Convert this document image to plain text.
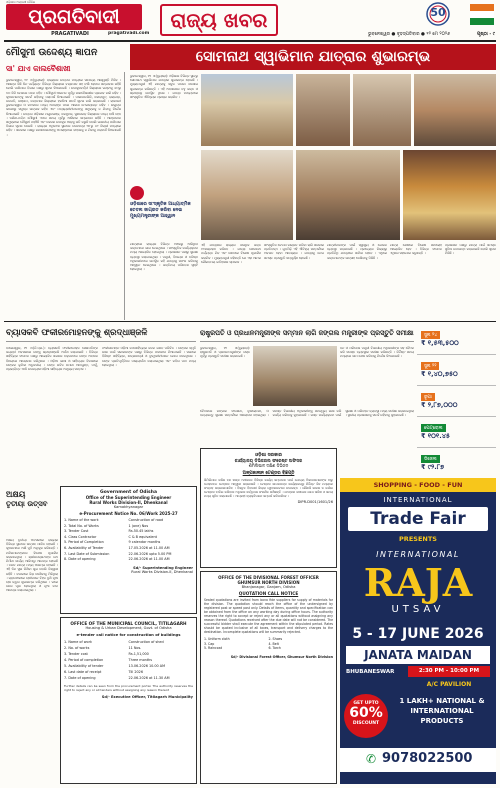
ପ୍ରଗତିବାଦୀ
PRAGATIVADI
ଓଡ଼ିଶାର ଅଗ୍ରଣୀ ଦୈନିକ
pragativadi.com
ରାଜ୍ୟ ଖବର	50
ଭୁବନେଶ୍ୱର ● ବୃହସ୍ପତିବାର ● ୧୨ ମେ ୨୦୨୬	ପୃଷ୍ଠା - ୯
ମୌସୁମୀ ଉଦ୍ଦେଶ୍ୟ ଜ୍ଞାପନ
ସା' ଯାଏ କାଲବୈଶାଖୀ
ସୋମନାଥ ସ୍ୱାଭିମାନ ଯାତ୍ରାର ଶୁଭାରମ୍ଭ
ଭୁବନେଶ୍ୱର, ୧୧ ।୫(ବ୍ୟୁରୋ): ରାଜ୍ୟରେ ଉତ୍ତାପ ମଧ୍ୟରେ ସାମାନ୍ୟ ଆଶ୍ୱସ୍ତି ମିଳିବ । ଆସନ୍ତା କିଛି ଦିନ ପର୍ଯ୍ୟନ୍ତ ବିଭିନ୍ନ ଜିଲ୍ଲାରେ ବଜ୍ରପାତ ସହ ବର୍ଷା ହେବାର ସମ୍ଭାବନା ରହିଛି ବୋଲି ପାଣିପାଗ ବିଭାଗ ପକ୍ଷରୁ ସୂଚନା ଦିଆଯାଇଛି । ଉପକୂଳବର୍ତ୍ତୀ ଜିଲ୍ଲାରେ ଘଣ୍ଟାକୁ ୪୦ରୁ ୫୦ କିମି ବେଗରେ ପବନ ବହିବ । ମୌସୁମୀ ଆଗମନ ପୂର୍ବରୁ କାଳବୈଶାଖୀର ପ୍ରଭାବ ଜାରି ରହିବ । କୃଷକମାନଙ୍କୁ ସତର୍କ ରହିବାକୁ ପରାମର୍ଶ ଦିଆଯାଇଛି । ମାଲକାନଗିରି, କୋରାପୁଟ, ରାୟଗଡ଼ା, ଗଜପତି, ଗଞ୍ଜାମ, କନ୍ଧମାଳ ଜିଲ୍ଲାରେ ହଳଦିଆ ସତର୍କ ସୂଚନା ଜାରି କରାଯାଇଛି । ରାଜଧାନୀ ଭୁବନେଶ୍ୱର ଓ କଟକରେ ମଧ୍ୟ ଅପରାହ୍ନ ପରେ ଆକାଶ ମେଘାଚ୍ଛନ୍ନ ରହିବ । ଲଘୁଚାପ କାରଣରୁ ସମୁଦ୍ର ଉତ୍ତାଳ ରହିବ ଏବଂ ମତ୍ସ୍ୟଜୀବୀମାନଙ୍କୁ ସମୁଦ୍ରକୁ ନ ଯିବାକୁ ନିର୍ଦ୍ଦେଶ ଦିଆଯାଇଛି । ଉତ୍ତର ଓଡ଼ିଶାର ମୟୂରଭଞ୍ଜ, କେନ୍ଦୁଝର, ସୁନ୍ଦରଗଡ଼ ଜିଲ୍ଲାରେ ମଧ୍ୟ ବର୍ଷା ହେବ । ଦକ୍ଷିଣ-ପଶ୍ଚିମ ମୌସୁମୀ ଏଥର ସମୟ ପୂର୍ବରୁ ଆସିବାର ସମ୍ଭାବନା ରହିଛି । ଆଣ୍ଡାମାନ ସମୁଦ୍ରରେ ମୌସୁମୀ ପହଞ୍ଚିଛି ଏବଂ କେରଳ ଉପକୂଳ ଆଡ଼କୁ ଗତି କରୁଛି ବୋଲି ଭାରତୀୟ ପାଣିପାଗ ବିଭାଗ ସୂଚନା ଦେଇଛି । ରାଜ୍ୟର ଅଧିକାଂଶ ସ୍ଥାନରେ ତାପମାତ୍ରା ୩୮ରୁ ୪୨ ଡିଗ୍ରୀ ମଧ୍ୟରେ ରହିବ । ସରକାର ପକ୍ଷରୁ ଜନସାଧାରଣଙ୍କୁ ଅପରାହ୍ନରେ ବାହାରକୁ ନ ଯିବାକୁ ପରାମର୍ଶ ଦିଆଯାଇଛି ।
ଭୁବନେଶ୍ୱର, ୧୧ ।୫(ବ୍ୟୁରୋ): ଓଡ଼ିଶାର ବିଭିନ୍ନ ସ୍ଥାନରୁ ସୋମନାଥ ସ୍ୱାଭିମାନ ଯାତ୍ରାର ଶୁଭାରମ୍ଭ ହୋଇଛି । ମୁଖ୍ୟମନ୍ତ୍ରୀ ଏହି ଯାତ୍ରାକୁ ସବୁଜ ପତାକା ଦେଖାଇ ଶୁଭାରମ୍ଭ କରିଛନ୍ତି । ଏହି ଅବସରରେ ବହୁ ଭକ୍ତ ଓ ଶ୍ରଦ୍ଧାଳୁ ଉପସ୍ଥିତ ଥିଲେ । ଯାତ୍ରା ମାଧ୍ୟମରେ ସାଂସ୍କୃତିକ ଐତିହ୍ୟର ପ୍ରଚାର କରାଯିବ ।
ଓଡ଼ିଶାରେ ସାଂସ୍କୃତିକ ଆଧ୍ୟାତ୍ମିକ ଚେତନା ଜାଗ୍ରତ କରିବା ନେଇ ମୁଖ୍ୟମନ୍ତ୍ରୀଙ୍କ ଆହ୍ୱାନ
ଯାତ୍ରାରେ ରାଜ୍ୟର ବିଭିନ୍ନ ଅଞ୍ଚଳରୁ ଆସିଥିବା ଭକ୍ତମାନେ ଭାଗ ନେଇଥିଲେ । ସାଂସ୍କୃତିକ କାର୍ଯ୍ୟକ୍ରମ ମଧ୍ୟ ଆୟୋଜିତ ହୋଇଥିଲା । ପ୍ରଶାସନ ପକ୍ଷରୁ ସୁରକ୍ଷା ବ୍ୟବସ୍ଥା କରାଯାଇଥିଲା । ମନ୍ତ୍ରୀ, ବିଧାୟକ ଓ ବରିଷ୍ଠ ଅଧିକାରୀମାନେ ଉପସ୍ଥିତ ରହି ଯାତ୍ରାକୁ ସଫଳ କରିବାକୁ ଆହ୍ୱାନ ଦେଇଥିଲେ । ଭକ୍ତିମୟ ପରିବେଶ ସୃଷ୍ଟି ହୋଇଥିଲା ।
ଏହି ଯାତ୍ରାରେ ରାଜ୍ୟର ଶତାଧିକ ଭକ୍ତ ଅଂଶଗ୍ରହଣ କରିବେ । ଯାତ୍ରା ସୋମନାଥ ପର୍ଯ୍ୟନ୍ତ ଯିବ ଏବଂ ସେଠାରେ ବିଶେଷ ପୂଜାର୍ଚ୍ଚନା କରାଯିବ । ମୁଖ୍ୟମନ୍ତ୍ରୀ କହିଛନ୍ତି ଯେ ଏହା ଆମର ଗୌରବମୟ ଇତିହାସର ସ୍ମାରକ ।
ସାଂସ୍କୃତିକ ଚେତନା ଜାଗ୍ରତ କରିବା ଲାଗି ସରକାର ପ୍ରତିବଦ୍ଧ । ଯୁବପିଢ଼ି ଏହି ଐତିହ୍ୟ ସମ୍ପର୍କରେ ଅବଗତ ହେବା ଆବଶ୍ୟକ । ଯାତ୍ରାକୁ ନେଇ ସମସ୍ତ ପ୍ରସ୍ତୁତି ସମ୍ପୂର୍ଣ୍ଣ ହୋଇଛି ।
ଯାତ୍ରୀମାନଙ୍କ ପାଇଁ ସ୍ୱାସ୍ଥ୍ୟ ଓ ଭୋଜନ ବ୍ୟବସ୍ଥା କରାଯାଇଛି । ପ୍ରତ୍ୟେକ ଜିଲ୍ଲାରୁ ପ୍ରତିନିଧି ଯାତ୍ରାରେ ସାମିଲ ହେବେ । ଏଥିରେ ଭକ୍ତମାନଙ୍କ ଉତ୍ସାହ ଦେଖିବାକୁ ମିଳିଛି ।
ଯାତ୍ରା ଶେଷରେ ବିଶେଷ ସମାରୋହ ଆୟୋଜିତ ହେବ । ବିଭିନ୍ନ ସଂଗଠନ ଏଥିରେ ସହଯୋଗ କରୁଛନ୍ତି ।
ପ୍ରଶାସନ ପକ୍ଷରୁ ଯାତ୍ରା ପାଇଁ ସମସ୍ତ ସୁବିଧା ଉପଲବ୍ଧ କରାଯାଇଛି ବୋଲି ସୂଚନା ମିଳିଛି ।
ବ୍ୟାସକବି ଫକୀରମୋହନଙ୍କୁ ଶ୍ରଦ୍ଧାଞ୍ଜଳି	ରାଷ୍ଟ୍ରପତି ଓ ପ୍ରଧାନମନ୍ତ୍ରୀଙ୍କ ସମ୍ମାନ ଲାଗି ଜଙ୍ଗଲ ମନ୍ତ୍ରୀଙ୍କ ପ୍ରସ୍ତୁତି ସମୀକ୍ଷା
ବାଲେଶ୍ୱର, ୧୧ ।୫(ନି.ପ୍ର.): ବ୍ୟାସକବି ଫକୀରମୋହନ ସେନାପତିଙ୍କ ଜୟନ୍ତୀ ଅବସରରେ ତାଙ୍କୁ ଶ୍ରଦ୍ଧାଞ୍ଜଳି ଅର୍ପଣ କରାଯାଇଛି । ବିଭିନ୍ନ ସାହିତ୍ୟିକ ସଂଗଠନ ପକ୍ଷରୁ ଆୟୋଜିତ ସଭାରେ ବକ୍ତାମାନେ ତାଙ୍କ ଅବଦାନ ବିଷୟରେ ଆଲୋଚନା କରିଥିଲେ । ଓଡ଼ିଆ ଭାଷା ଓ ସାହିତ୍ୟର ବିକାଶରେ ତାଙ୍କର ଭୂମିକା ଅତୁଳନୀୟ । ତାଙ୍କ ରଚିତ ଛମାଣ ଆଠଗୁଣ୍ଠ, ମାମୁଁ, ପ୍ରାୟଶ୍ଚିତ୍ତ ଆଦି ଉପନ୍ୟାସ ଓଡ଼ିଆ ସାହିତ୍ୟର ଅମୂଲ୍ୟ ସମ୍ପଦ ।
ଫକୀରମୋହନ ଓଡ଼ିଆ କଥାସାହିତ୍ୟର ଜନକ ଭାବେ ପରିଚିତ । ତାଙ୍କର ସ୍ମୃତି ରକ୍ଷା ପାଇଁ ସରକାରଙ୍କ ପକ୍ଷରୁ ବିଭିନ୍ନ ପଦକ୍ଷେପ ନିଆଯାଇଛି । ସଭାରେ ବିଶିଷ୍ଟ ସାହିତ୍ୟିକ, ଛାତ୍ରଛାତ୍ରୀ ଓ ବୁଦ୍ଧିଜୀବୀମାନେ ଯୋଗ ଦେଇଥିଲେ । ତାଙ୍କ ପ୍ରତିମୂର୍ତ୍ତିରେ ମାଲ୍ୟାର୍ପଣ କରାଯାଇଥିଲା ଏବଂ କବିତା ପାଠ ମଧ୍ୟ ହୋଇଥିଲା ।
ଭୁବନେଶ୍ୱର, ୧୧ ।୫(ବ୍ୟୁରୋ): ରାଷ୍ଟ୍ରପତି ଓ ପ୍ରଧାନମନ୍ତ୍ରୀଙ୍କ ଗସ୍ତ ପୂର୍ବରୁ ପ୍ରସ୍ତୁତି ସମୀକ୍ଷା କରାଯାଇଛି ।
ବନ ଓ ପରିବେଶ ମନ୍ତ୍ରୀ ବିଭାଗୀୟ ଅଧିକାରୀଙ୍କ ସହ ବୈଠକ କରି ସମସ୍ତ ବ୍ୟବସ୍ଥାର ସମୀକ୍ଷା କରିଛନ୍ତି । ନିର୍ଦ୍ଦିଷ୍ଟ ସମୟ ମଧ୍ୟରେ କାମ ଶେଷ କରିବାକୁ ନିର୍ଦ୍ଦେଶ ଦିଆଯାଇଛି ।
ବୈଠକରେ ଜଙ୍ଗଲ ସଂରକ୍ଷଣ, ବୃକ୍ଷରୋପଣ, ଓ ବନ୍ୟଜନ୍ତୁ ସୁରକ୍ଷା ସମ୍ପର୍କରେ ଆଲୋଚନା ହୋଇଥିଲା । ସମସ୍ତ ବିଭାଗୀୟ ଅଧିକାରୀଙ୍କୁ ସମନ୍ୱୟ ରକ୍ଷା କରି କାର୍ଯ୍ୟ କରିବାକୁ କୁହାଯାଇଛି । ଗସ୍ତ କାର୍ଯ୍ୟକ୍ରମ ପାଇଁ ସୁରକ୍ଷା ଓ ପରିବହନ ବ୍ୟବସ୍ଥା ମଧ୍ୟ ସମୀକ୍ଷା କରାଯାଇଥିଲା । ସ୍ଥାନୀୟ ପ୍ରଶାସନକୁ ସତର୍କ ରହିବାକୁ କୁହାଯାଇଛି ।
ସୁନା ୨୪
₹ ୧,୫୩,୫୦୦
ସୁନା ୨୨
₹ ୧,୪୦,୭୫୦
ରୂପା
₹ ୨,୮୭,୦୦୦
ପେଟ୍ରୋଲ
₹ ୧୦୧.୪୫
ଡିଜେଲ
₹ ୯୨.୮୭
ଅକ୍ଷୟ
ତୃତୀୟା ଉତ୍ସବ
ଅକ୍ଷୟ ତୃତୀୟା ଅବସରରେ ରାଜ୍ୟର ବିଭିନ୍ନ ସ୍ଥାନରେ ଉତ୍ସବ ପାଳିତ ହୋଇଛି । କୃଷକମାନେ ଅକ୍ଷି ମୁଠି ଅନୁକୂଳ କରିଛନ୍ତି । ମନ୍ଦିରମାନଙ୍କରେ ବିଶେଷ ପୂଜାର୍ଚ୍ଚନା କରାଯାଇଥିଲା । ଶ୍ରୀଜଗନ୍ନାଥଙ୍କ ରଥ ନିର୍ମାଣ କାର୍ଯ୍ୟ ଆଜିଠାରୁ ଆରମ୍ଭ ହୋଇଛି । ଚନ୍ଦନ ଯାତ୍ରା ମଧ୍ୟ ଆରମ୍ଭ ହୋଇଛି । ଏହି ଦିନ ସୁନା କିଣିବା ଶୁଭ ବୋଲି ବିଶ୍ୱାସ ରହିଛି । ବଜାରରେ ଭିଡ଼ ଦେଖିବାକୁ ମିଳିଥିଲା । ଗ୍ରାମାଞ୍ଚଳରେ ଚାଷୀମାନେ ବିହନ ବୁଣି ନୂଆ ଚାଷ ଋତୁର ଶୁଭାରମ୍ଭ କରିଥିଲେ । ଘରେ ଘରେ ପୂଜା ହୋଇଥିଲା ଓ ନୂଆ କାମ ଆରମ୍ଭ କରାଯାଇଥିଲା ।
Government of Odisha
Office of the Superintending Engineer
Rural Works Division-II, Dhenkanal
Kamakhyanagar
e-Procurement Notice No. 06/Work 2025-27
1. Name of the work	Construction of road
2. Total No. of Works	1 (one) Nos
3. Tender Cost	Rs.50.45 lakhs
4. Class Contractor	C & B equivalent
5. Period of Completion	9 calendar months
6. Availability of Tender	17.05.2026 at 11.00 AM
7. Last Date of Submission	22.06.2026 upto 5.00 PM
8. Date of opening	22.06.2026 at 11.00 AM
Sd/- Superintending Engineer
Rural Works Division-II, Dhenkanal
OFFICE OF THE MUNICIPAL COUNCIL, TITILAGARH
Housing & Urban Development, Govt. of Odisha
e-tender call notice for construction of buildings
1. Name of work	Construction of shed
2. No. of works	11 Nos.
3. Tender cost	Rs.1,51,000
4. Period of completion	Three months
5. Availability of tender	13.06.2026 10.00 AM
6. Last date of receipt	Till 2026
7. Date of opening	22.06.2026 at 11.30 AM
Further details can be seen from the procurement portal. The authority reserves the right to reject any or all tenders without assigning any reason thereof.
Sd/- Executive Officer, Titilagarh Municipality
ଓଡ଼ିଶା ସରକାର
କାର୍ଯ୍ୟାଳୟ ଡିଭିଜନାଲ ଫରେଷ୍ଟ ଅଫିସର
ଶିମିଲିପାଳ ଦକ୍ଷିଣ ଡିଭିଜନ
ଅଳ୍ପକାଳୀନ ଟେଣ୍ଡର ବିଜ୍ଞପ୍ତି
ଶିମିଲିପାଳ ଦକ୍ଷିଣ ବନ ଖଣ୍ଡ ଅଧୀନରେ ବିଭିନ୍ନ କାର୍ଯ୍ୟ ସମ୍ପାଦନ ପାଇଁ ଯୋଗ୍ୟ ଠିକାଦାରମାନଙ୍କ ଠାରୁ ମୋହରବନ୍ଦ ଟେଣ୍ଡର ଆହ୍ୱାନ କରାଯାଉଛି । ଟେଣ୍ଡର କାଗଜପତ୍ର କାର୍ଯ୍ୟାଳୟରୁ ନିର୍ଦ୍ଦିଷ୍ଟ ଦିନ ମଧ୍ୟରେ ସଂଗ୍ରହ କରାଯାଇପାରିବ । ବିସ୍ତୃତ ବିବରଣୀ ଜିଲ୍ଲା ୱେବସାଇଟରେ ଉପଲବ୍ଧ । କୌଣସି କାରଣ ନ ଦର୍ଶାଇ ଟେଣ୍ଡର ବାତିଲ କରିବାର ଅଧିକାର କର୍ତ୍ତୃପକ୍ଷ ସଂରକ୍ଷିତ ରଖିଛନ୍ତି । ଟେଣ୍ଡର ଦାଖଲର ଶେଷ ତାରିଖ ଓ ସମୟ ମଧ୍ୟ ସୂଚିତ କରାଯାଇଛି । ଆଗ୍ରହୀ ବ୍ୟକ୍ତିମାନେ ସମ୍ପର୍କ କରିପାରିବେ ।
DIPR-D001/1601/26
OFFICE OF THE DIVISIONAL FOREST OFFICER
GHUMSUR NORTH DIVISION
Bhanjanagar, Ganjam, Odisha
QUOTATION CALL NOTICE
Sealed quotations are invited from bona fide suppliers for supply of materials for the division. The quotation should reach the office of the undersigned by registered post or speed post only. Details of items, quantity and specification can be obtained from the office on any working day during office hours. The authority reserves the right to accept or reject any or all quotations without assigning any reason thereof. Quotations received after the due date will not be considered. The successful bidder shall execute the agreement within the stipulated period. Rates should be quoted inclusive of all taxes, transport and delivery charges to the destination. Incomplete quotations will be summarily rejected.
1. Uniform cloth	2. Shoes
3. Cap	4. Belt
5. Raincoat	6. Torch
Sd/- Divisional Forest Officer, Ghumsur North Division
SHOPPING - FOOD - FUN
INTERNATIONAL
Trade Fair
PRESENTS
INTERNATIONAL
RAJA
UTSAV
5 - 17 JUNE 2026
JANATA MAIDAN
BHUBANESWAR	2:30 PM - 10:00 PM
A/C PAVILION
GET UPTO
60%
DISCOUNT
1 LAKH+ NATIONAL & INTERNATIONAL PRODUCTS
✆ 9078022500
